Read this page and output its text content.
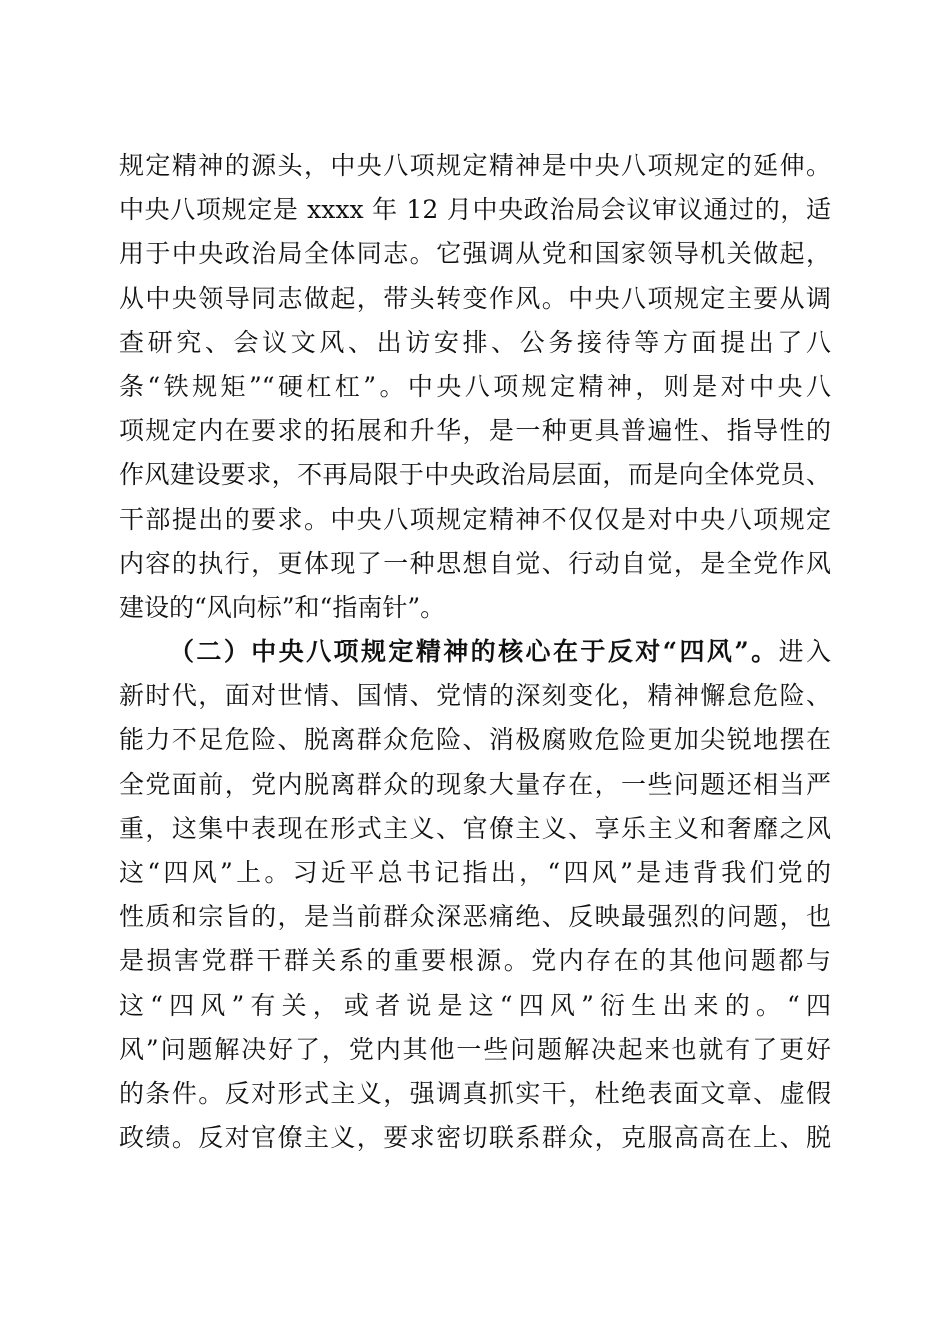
规定精神的源头，中央八项规定精神是中央八项规定的延伸。
中央八项规定是 xxxx 年 12 月中央政治局会议审议通过的，适
用于中央政治局全体同志。它强调从党和国家领导机关做起，
从中央领导同志做起，带头转变作风。中央八项规定主要从调
查研究、会议文风、出访安排、公务接待等方面提出了八
条“铁规矩”“硬杠杠”。中央八项规定精神，则是对中央八
项规定内在要求的拓展和升华，是一种更具普遍性、指导性的
作风建设要求，不再局限于中央政治局层面，而是向全体党员、
干部提出的要求。中央八项规定精神不仅仅是对中央八项规定
内容的执行，更体现了一种思想自觉、行动自觉，是全党作风
建设的“风向标”和“指南针”。
（二）中央八项规定精神的核心在于反对“四风”。进入
新时代，面对世情、国情、党情的深刻变化，精神懈怠危险、
能力不足危险、脱离群众危险、消极腐败危险更加尖锐地摆在
全党面前，党内脱离群众的现象大量存在，一些问题还相当严
重，这集中表现在形式主义、官僚主义、享乐主义和奢靡之风
这“四风”上。习近平总书记指出，“四风”是违背我们党的
性质和宗旨的，是当前群众深恶痛绝、反映最强烈的问题，也
是损害党群干群关系的重要根源。党内存在的其他问题都与
这“四风”有关，或者说是这“四风”衍生出来的。“四
风”问题解决好了，党内其他一些问题解决起来也就有了更好
的条件。反对形式主义，强调真抓实干，杜绝表面文章、虚假
政绩。反对官僚主义，要求密切联系群众，克服高高在上、脱
